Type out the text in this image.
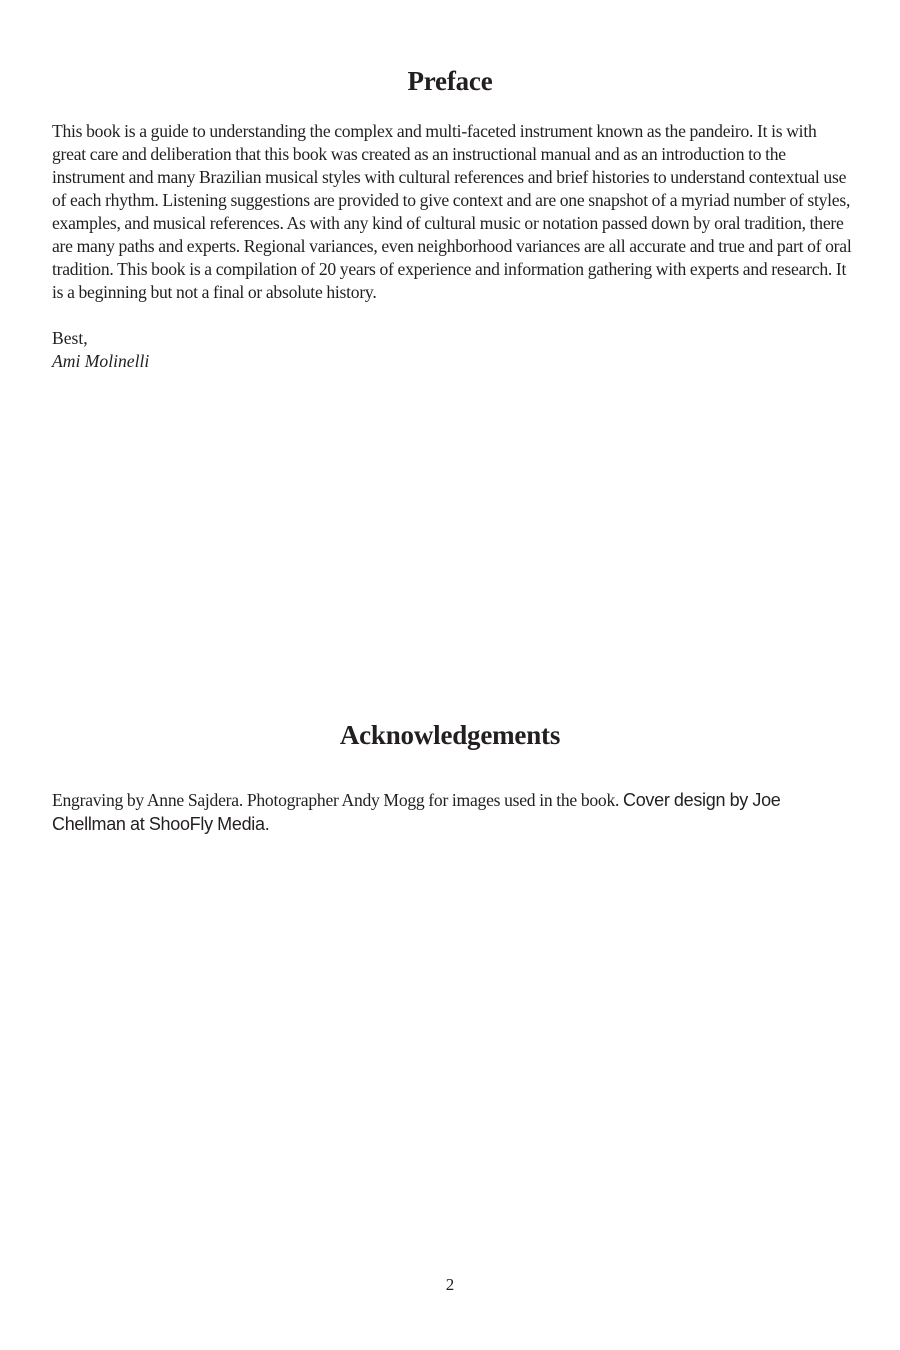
Preface

This book is a guide to understanding the complex and multi-faceted instrument known as the pandeiro. It is with great care and deliberation that this book was created as an instructional manual and as an introduction to the instrument and many Brazilian musical styles with cultural references and brief histories to understand contextual use of each rhythm. Listening suggestions are provided to give context and are one snapshot of a myriad number of styles, examples, and musical references. As with any kind of cultural music or notation passed down by oral tradition, there are many paths and experts. Regional variances, even neighborhood variances are all accurate and true and part of oral tradition. This book is a compilation of 20 years of experience and information gathering with experts and research. It is a beginning but not a final or absolute history.

Best,
Ami Molinelli
Acknowledgements

Engraving by Anne Sajdera. Photographer Andy Mogg for images used in the book. Cover design by Joe Chellman at ShooFly Media.

2
